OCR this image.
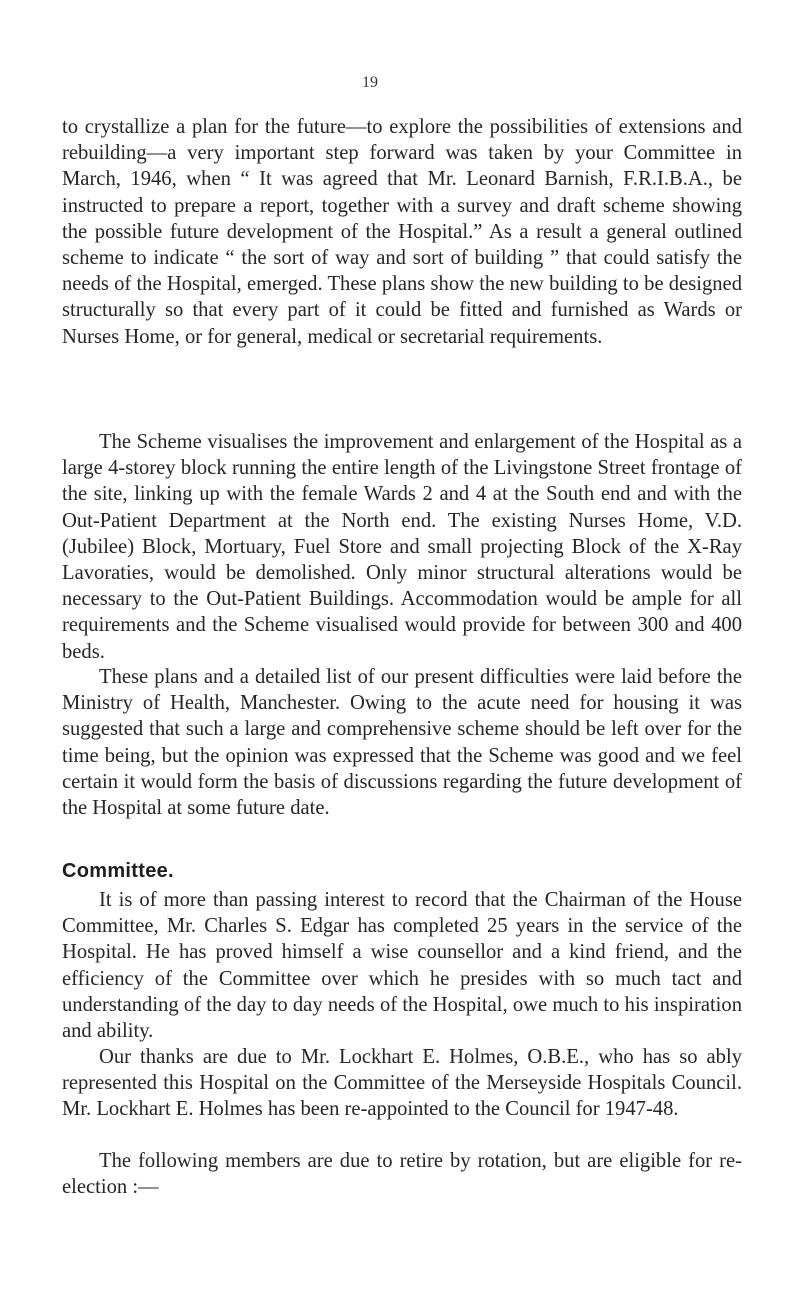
19

to crystallize a plan for the future—to explore the possibilities of extensions and rebuilding—a very important step forward was taken by your Committee in March, 1946, when “ It was agreed that Mr. Leonard Barnish, F.R.I.B.A., be instructed to prepare a report, together with a survey and draft scheme showing the possible future development of the Hospital.” As a result a general outlined scheme to indicate “ the sort of way and sort of building ” that could satisfy the needs of the Hospital, emerged. These plans show the new building to be designed structurally so that every part of it could be fitted and furnished as Wards or Nurses Home, or for general, medical or secretarial requirements.

The Scheme visualises the improvement and enlargement of the Hospital as a large 4-storey block running the entire length of the Livingstone Street frontage of the site, linking up with the female Wards 2 and 4 at the South end and with the Out-Patient Department at the North end. The existing Nurses Home, V.D. (Jubilee) Block, Mortuary, Fuel Store and small projecting Block of the X-Ray Lavoraties, would be demolished. Only minor structural alterations would be necessary to the Out-Patient Buildings. Accommodation would be ample for all requirements and the Scheme visualised would provide for between 300 and 400 beds.

These plans and a detailed list of our present difficulties were laid before the Ministry of Health, Manchester. Owing to the acute need for housing it was suggested that such a large and comprehensive scheme should be left over for the time being, but the opinion was expressed that the Scheme was good and we feel certain it would form the basis of discussions regarding the future development of the Hospital at some future date.

Committee.

It is of more than passing interest to record that the Chairman of the House Committee, Mr. Charles S. Edgar has completed 25 years in the service of the Hospital. He has proved himself a wise counsellor and a kind friend, and the efficiency of the Committee over which he presides with so much tact and understanding of the day to day needs of the Hospital, owe much to his inspiration and ability.

Our thanks are due to Mr. Lockhart E. Holmes, O.B.E., who has so ably represented this Hospital on the Committee of the Merseyside Hospitals Council. Mr. Lockhart E. Holmes has been re-appointed to the Council for 1947-48.

The following members are due to retire by rotation, but are eligible for re-election :—
